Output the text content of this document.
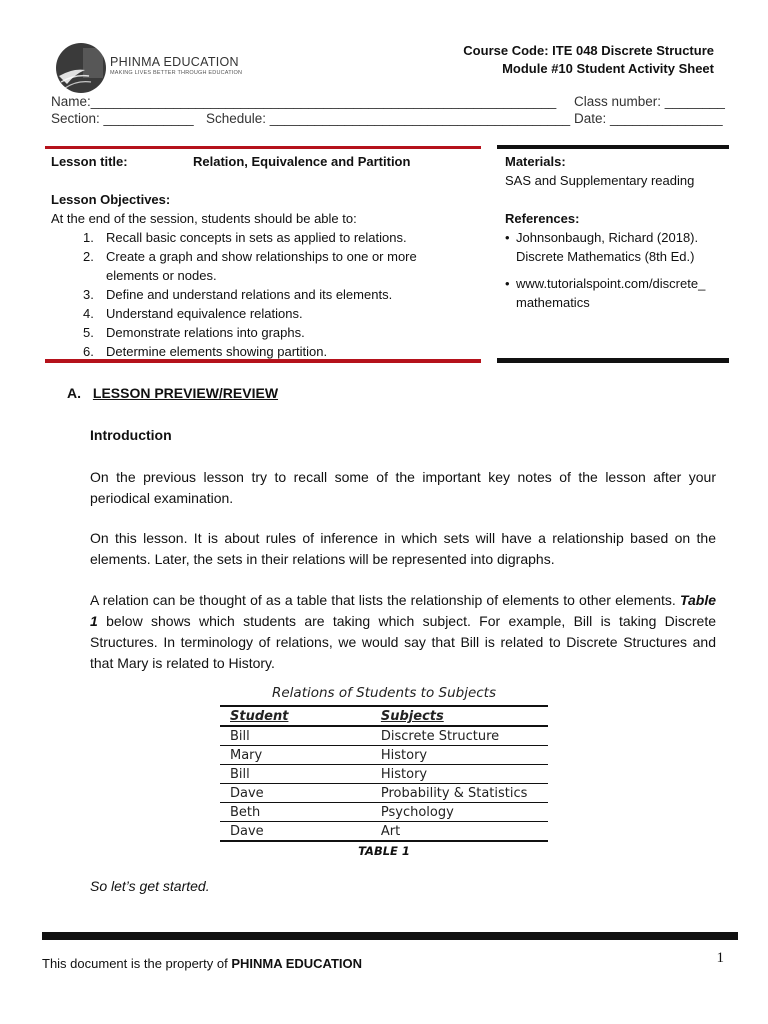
PHINMA EDUCATION
MAKING LIVES BETTER THROUGH EDUCATION
Course Code: ITE 048 Discrete Structure
Module #10 Student Activity Sheet
Name:______________________________________________________________ Class number: ________
Section: ____________ Schedule: ________________________________________ Date: _______________
Lesson title:	Relation, Equivalence and Partition
Lesson Objectives:
At the end of the session, students should be able to:
1. Recall basic concepts in sets as applied to relations.
2. Create a graph and show relationships to one or more elements or nodes.
3. Define and understand relations and its elements.
4. Understand equivalence relations.
5. Demonstrate relations into graphs.
6. Determine elements showing partition.
Materials:
SAS and Supplementary reading
References:
• Johnsonbaugh, Richard (2018). Discrete Mathematics (8th Ed.)
• www.tutorialspoint.com/discrete_ mathematics
A. LESSON PREVIEW/REVIEW
Introduction
On the previous lesson try to recall some of the important key notes of the lesson after your periodical examination.
On this lesson. It is about rules of inference in which sets will have a relationship based on the elements. Later, the sets in their relations will be represented into digraphs.
A relation can be thought of as a table that lists the relationship of elements to other elements. Table 1 below shows which students are taking which subject. For example, Bill is taking Discrete Structures. In terminology of relations, we would say that Bill is related to Discrete Structures and that Mary is related to History.
Relations of Students to Subjects
Student	Subjects
Bill	Discrete Structure
Mary	History
Bill	History
Dave	Probability & Statistics
Beth	Psychology
Dave	Art
TABLE 1
So let’s get started.
This document is the property of PHINMA EDUCATION	1
